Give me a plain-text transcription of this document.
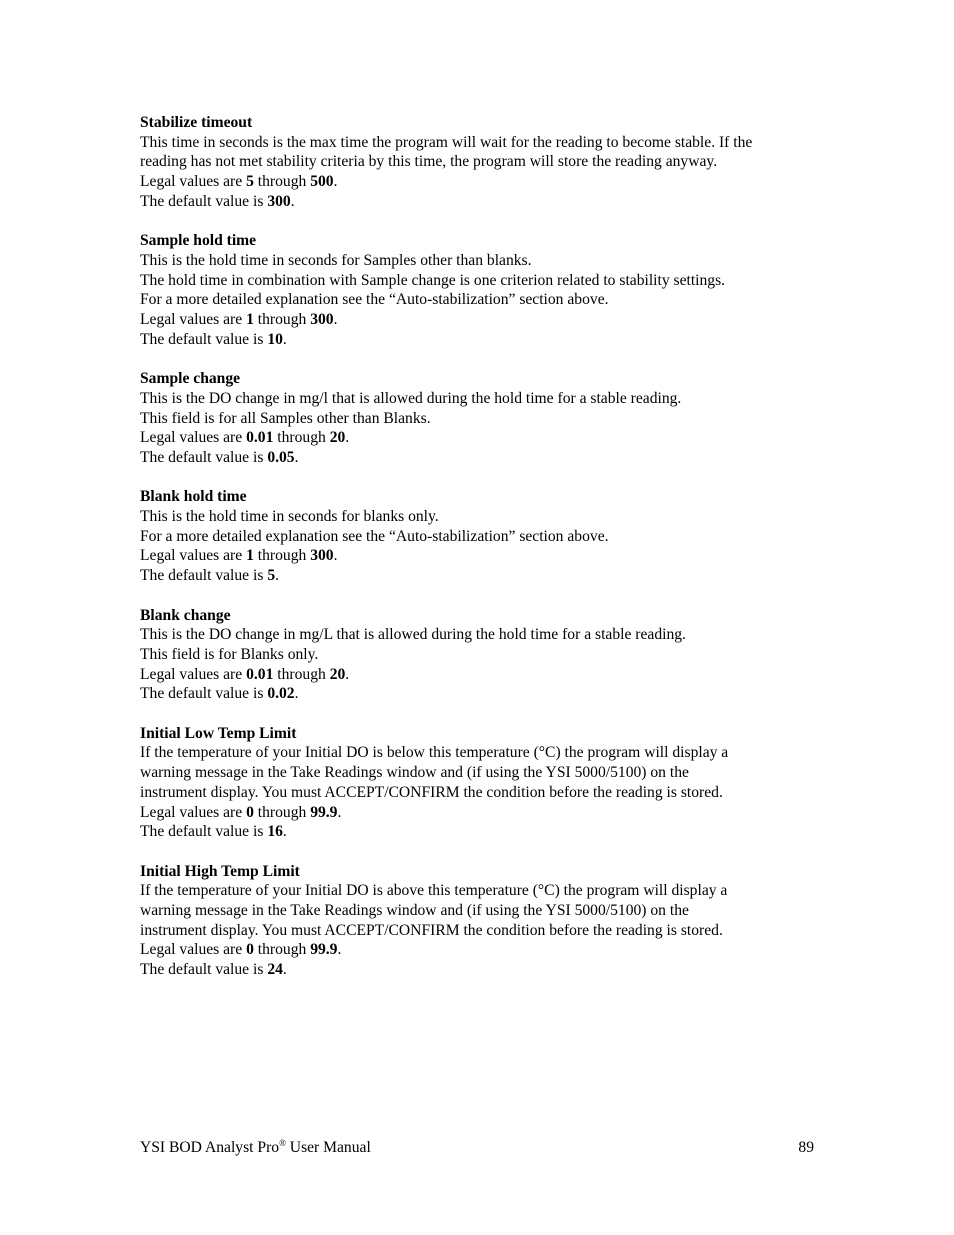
Stabilize timeout
This time in seconds is the max time the program will wait for the reading to become stable. If the
reading has not met stability criteria by this time, the program will store the reading anyway.
Legal values are 5 through 500.
The default value is 300.
Sample hold time
This is the hold time in seconds for Samples other than blanks.
The hold time in combination with Sample change is one criterion related to stability settings.
For a more detailed explanation see the “Auto-stabilization” section above.
Legal values are 1 through 300.
The default value is 10.
Sample change
This is the DO change in mg/l that is allowed during the hold time for a stable reading.
This field is for all Samples other than Blanks.
Legal values are 0.01 through 20.
The default value is 0.05.
Blank hold time
This is the hold time in seconds for blanks only.
For a more detailed explanation see the “Auto-stabilization” section above.
Legal values are 1 through 300.
The default value is 5.
Blank change
This is the DO change in mg/L that is allowed during the hold time for a stable reading.
This field is for Blanks only.
Legal values are 0.01 through 20.
The default value is 0.02.
Initial Low Temp Limit
If the temperature of your Initial DO is below this temperature (°C) the program will display a
warning message in the Take Readings window and (if using the YSI 5000/5100) on the
instrument display. You must ACCEPT/CONFIRM the condition before the reading is stored.
Legal values are 0 through 99.9.
The default value is 16.
Initial High Temp Limit
If the temperature of your Initial DO is above this temperature (°C) the program will display a
warning message in the Take Readings window and (if using the YSI 5000/5100) on the
instrument display. You must ACCEPT/CONFIRM the condition before the reading is stored.
Legal values are 0 through 99.9.
The default value is 24.
YSI BOD Analyst Pro® User Manual	89
